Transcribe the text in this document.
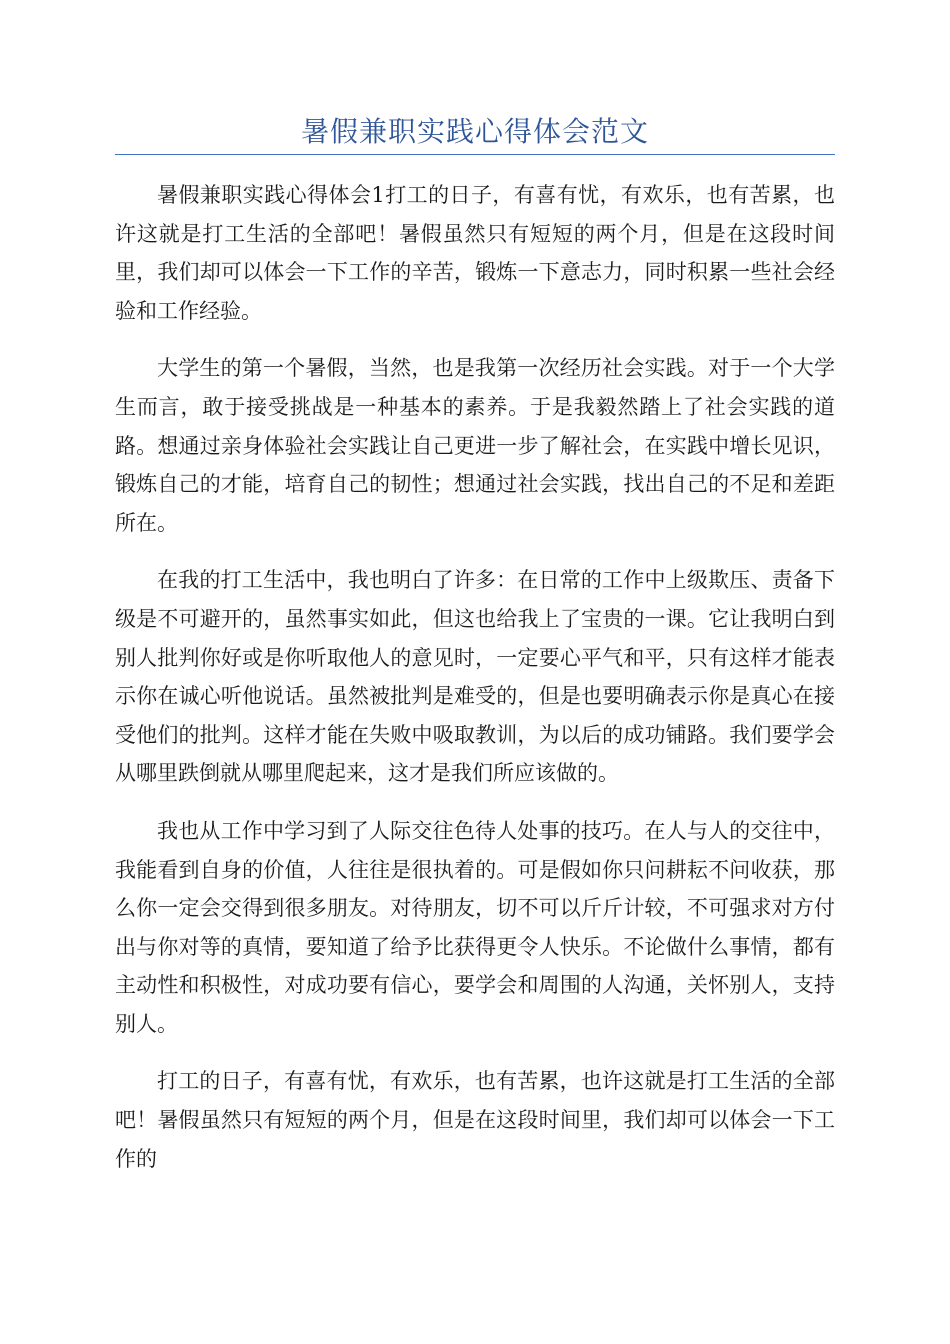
暑假兼职实践心得体会范文

暑假兼职实践心得体会1打工的日子，有喜有忧，有欢乐，也有苦累，也许这就是打工生活的全部吧！暑假虽然只有短短的两个月，但是在这段时间里，我们却可以体会一下工作的辛苦，锻炼一下意志力，同时积累一些社会经验和工作经验。

大学生的第一个暑假，当然，也是我第一次经历社会实践。对于一个大学生而言，敢于接受挑战是一种基本的素养。于是我毅然踏上了社会实践的道路。想通过亲身体验社会实践让自己更进一步了解社会，在实践中增长见识，锻炼自己的才能，培育自己的韧性；想通过社会实践，找出自己的不足和差距所在。

在我的打工生活中，我也明白了许多：在日常的工作中上级欺压、责备下级是不可避开的，虽然事实如此，但这也给我上了宝贵的一课。它让我明白到别人批判你好或是你听取他人的意见时，一定要心平气和平，只有这样才能表示你在诚心听他说话。虽然被批判是难受的，但是也要明确表示你是真心在接受他们的批判。这样才能在失败中吸取教训，为以后的成功铺路。我们要学会从哪里跌倒就从哪里爬起来，这才是我们所应该做的。

我也从工作中学习到了人际交往色待人处事的技巧。在人与人的交往中，我能看到自身的价值，人往往是很执着的。可是假如你只问耕耘不问收获，那么你一定会交得到很多朋友。对待朋友，切不可以斤斤计较，不可强求对方付出与你对等的真情，要知道了给予比获得更令人快乐。不论做什么事情，都有主动性和积极性，对成功要有信心，要学会和周围的人沟通，关怀别人，支持别人。

打工的日子，有喜有忧，有欢乐，也有苦累，也许这就是打工生活的全部吧！暑假虽然只有短短的两个月，但是在这段时间里，我们却可以体会一下工作的
